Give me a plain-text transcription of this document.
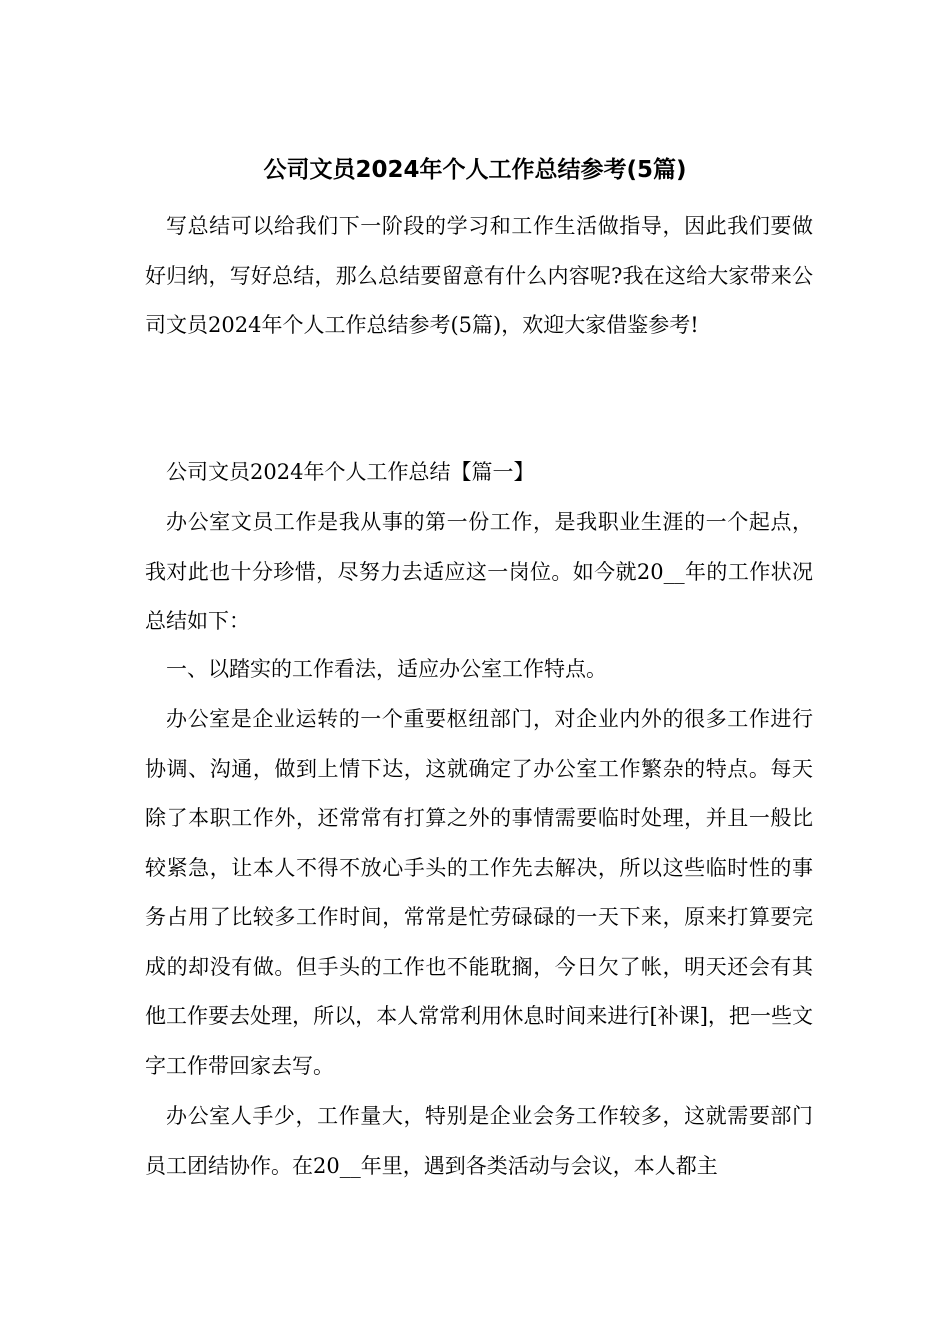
公司文员2024年个人工作总结参考(5篇)

写总结可以给我们下一阶段的学习和工作生活做指导，因此我们要做好归纳，写好总结，那么总结要留意有什么内容呢?我在这给大家带来公司文员2024年个人工作总结参考(5篇)，欢迎大家借鉴参考!

公司文员2024年个人工作总结【篇一】

办公室文员工作是我从事的第一份工作，是我职业生涯的一个起点，我对此也十分珍惜，尽努力去适应这一岗位。如今就20__年的工作状况总结如下：

一、以踏实的工作看法，适应办公室工作特点。

办公室是企业运转的一个重要枢纽部门，对企业内外的很多工作进行协调、沟通，做到上情下达，这就确定了办公室工作繁杂的特点。每天除了本职工作外，还常常有打算之外的事情需要临时处理，并且一般比较紧急，让本人不得不放心手头的工作先去解决，所以这些临时性的事务占用了比较多工作时间，常常是忙劳碌碌的一天下来，原来打算要完成的却没有做。但手头的工作也不能耽搁，今日欠了帐，明天还会有其他工作要去处理，所以，本人常常利用休息时间来进行[补课]，把一些文字工作带回家去写。

办公室人手少，工作量大，特别是企业会务工作较多，这就需要部门员工团结协作。在20__年里，遇到各类活动与会议，本人都主
